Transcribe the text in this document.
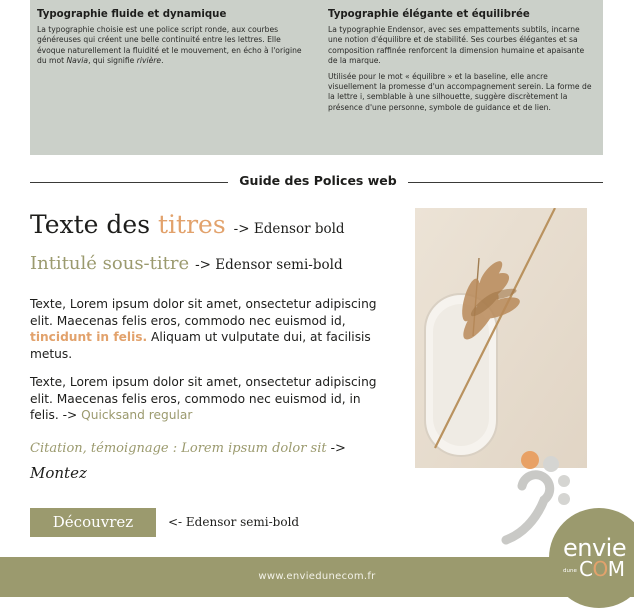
Typographie fluide et dynamique

La typographie choisie est une police script ronde, aux courbes généreuses qui créent une belle continuité entre les lettres. Elle évoque naturellement la fluidité et le mouvement, en écho à l'origine du mot Navia, qui signifie rivière.

Typographie élégante et équilibrée

La typographie Endensor, avec ses empattements subtils, incarne une notion d'équilibre et de stabilité. Ses courbes élégantes et sa composition raffinée renforcent la dimension humaine et apaisante de la marque.

Utilisée pour le mot « équilibre » et la baseline, elle ancre visuellement la promesse d'un accompagnement serein. La forme de la lettre i, semblable à une silhouette, suggère discrètement la présence d'une personne, symbole de guidance et de lien.

Guide des Polices web
Texte des titres -> Edensor bold
Intitulé sous-titre -> Edensor semi-bold
Texte, Lorem ipsum dolor sit amet, onsectetur adipiscing elit. Maecenas felis eros, commodo nec euismod id, tincidunt in felis. Aliquam ut vulputate dui, at facilisis metus.
Texte, Lorem ipsum dolor sit amet, onsectetur adipiscing elit. Maecenas felis eros, commodo nec euismod id, in felis. -> Quicksand regular
Citation, témoignage : Lorem ipsum dolor sit ->
Montez
Découvrez	<- Edensor semi-bold
www.enviedunecom.fr
envie
dune COM
